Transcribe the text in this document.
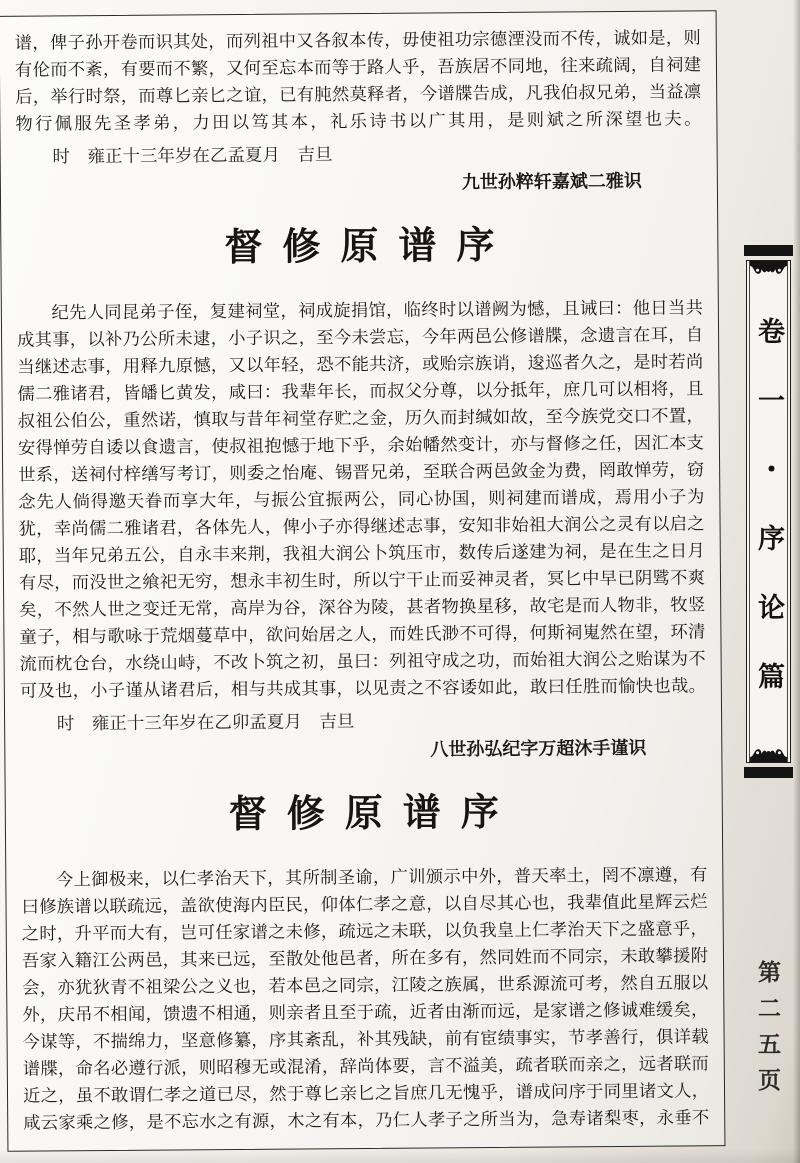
谱，俾子孙开卷而识其处，而列祖中又各叙本传，毋使祖功宗德湮没而不传，诚如是，则
有伦而不紊，有要而不繁，又何至忘本而等于路人乎，吾族居不同地，往来疏阔，自祠建
后，举行时祭，而尊匕亲匕之谊，已有肫然莫释者，今谱牒告成，凡我伯叔兄弟，当益凛
物行佩服先圣孝弟，力田以笃其本，礼乐诗书以广其用，是则斌之所深望也夫。

时　雍正十三年岁在乙孟夏月　吉旦

九世孙粹轩嘉斌二雅识

督修原谱序

纪先人同昆弟子侄，复建祠堂，祠成旋捐馆，临终时以谱阙为憾，且诫曰：他日当共
成其事，以补乃公所未逮，小子识之，至今未尝忘，今年两邑公修谱牒，念遗言在耳，自
当继述志事，用释九原憾，又以年轻，恐不能共济，或贻宗族诮，逡巡者久之，是时若尚
儒二雅诸君，皆皤匕黄发，咸曰：我辈年长，而叔父分尊，以分抵年，庶几可以相将，且
叔祖公伯公，重然诺，慎取与昔年祠堂存贮之金，历久而封缄如故，至今族党交口不置，
安得惮劳自诿以食遗言，使叔祖抱憾于地下乎，余始幡然变计，亦与督修之任，因汇本支
世系，送祠付梓缮写考订，则委之怡庵、锡晋兄弟，至联合两邑敛金为费，罔敢惮劳，窃
念先人倘得邀天眷而享大年，与振公宜振两公，同心协国，则祠建而谱成，焉用小子为
犹，幸尚儒二雅诸君，各体先人，俾小子亦得继述志事，安知非始祖大润公之灵有以启之
耶，当年兄弟五公，自永丰来荆，我祖大润公卜筑压市，数传后遂建为祠，是在生之日月
有尽，而没世之飨祀无穷，想永丰初生时，所以宁干止而妥神灵者，冥匕中早已阴骘不爽
矣，不然人世之变迁无常，高岸为谷，深谷为陵，甚者物换星移，故宅是而人物非，牧竖
童子，相与歌咏于荒烟蔓草中，欲问始居之人，而姓氏渺不可得，何斯祠嵬然在望，环清
流而枕仓台，水绕山峙，不改卜筑之初，虽曰：列祖守成之功，而始祖大润公之贻谋为不
可及也，小子谨从诸君后，相与共成其事，以见责之不容诿如此，敢曰任胜而愉快也哉。

时　雍正十三年岁在乙卯孟夏月　吉旦

八世孙弘纪字万超沐手谨识

督修原谱序

今上御极来，以仁孝治天下，其所制圣谕，广训颁示中外，普天率土，罔不凛遵，有
曰修族谱以联疏远，盖欲使海内臣民，仰体仁孝之意，以自尽其心也，我辈值此星辉云烂
之时，升平而大有，岂可任家谱之未修，疏远之未联，以负我皇上仁孝治天下之盛意乎，
吾家入籍江公两邑，其来已远，至散处他邑者，所在多有，然同姓而不同宗，未敢攀援附
会，亦犹狄青不祖梁公之义也，若本邑之同宗，江陵之族属，世系源流可考，然自五服以
外，庆吊不相闻，馈遗不相通，则亲者且至于疏，近者由渐而远，是家谱之修诚难缓矣，
今谋等，不揣绵力，坚意修纂，序其紊乱，补其残缺，前有宦绩事实，节孝善行，俱详载
谱牒，命名必遵行派，则昭穆无或混淆，辞尚体要，言不溢美，疏者联而亲之，远者联而
近之，虽不敢谓仁孝之道已尽，然于尊匕亲匕之旨庶几无愧乎，谱成问序于同里诸文人，
咸云家乘之修，是不忘水之有源，木之有本，乃仁人孝子之所当为，急寿诸梨枣，永垂不

卷一・序论篇
第二五页
